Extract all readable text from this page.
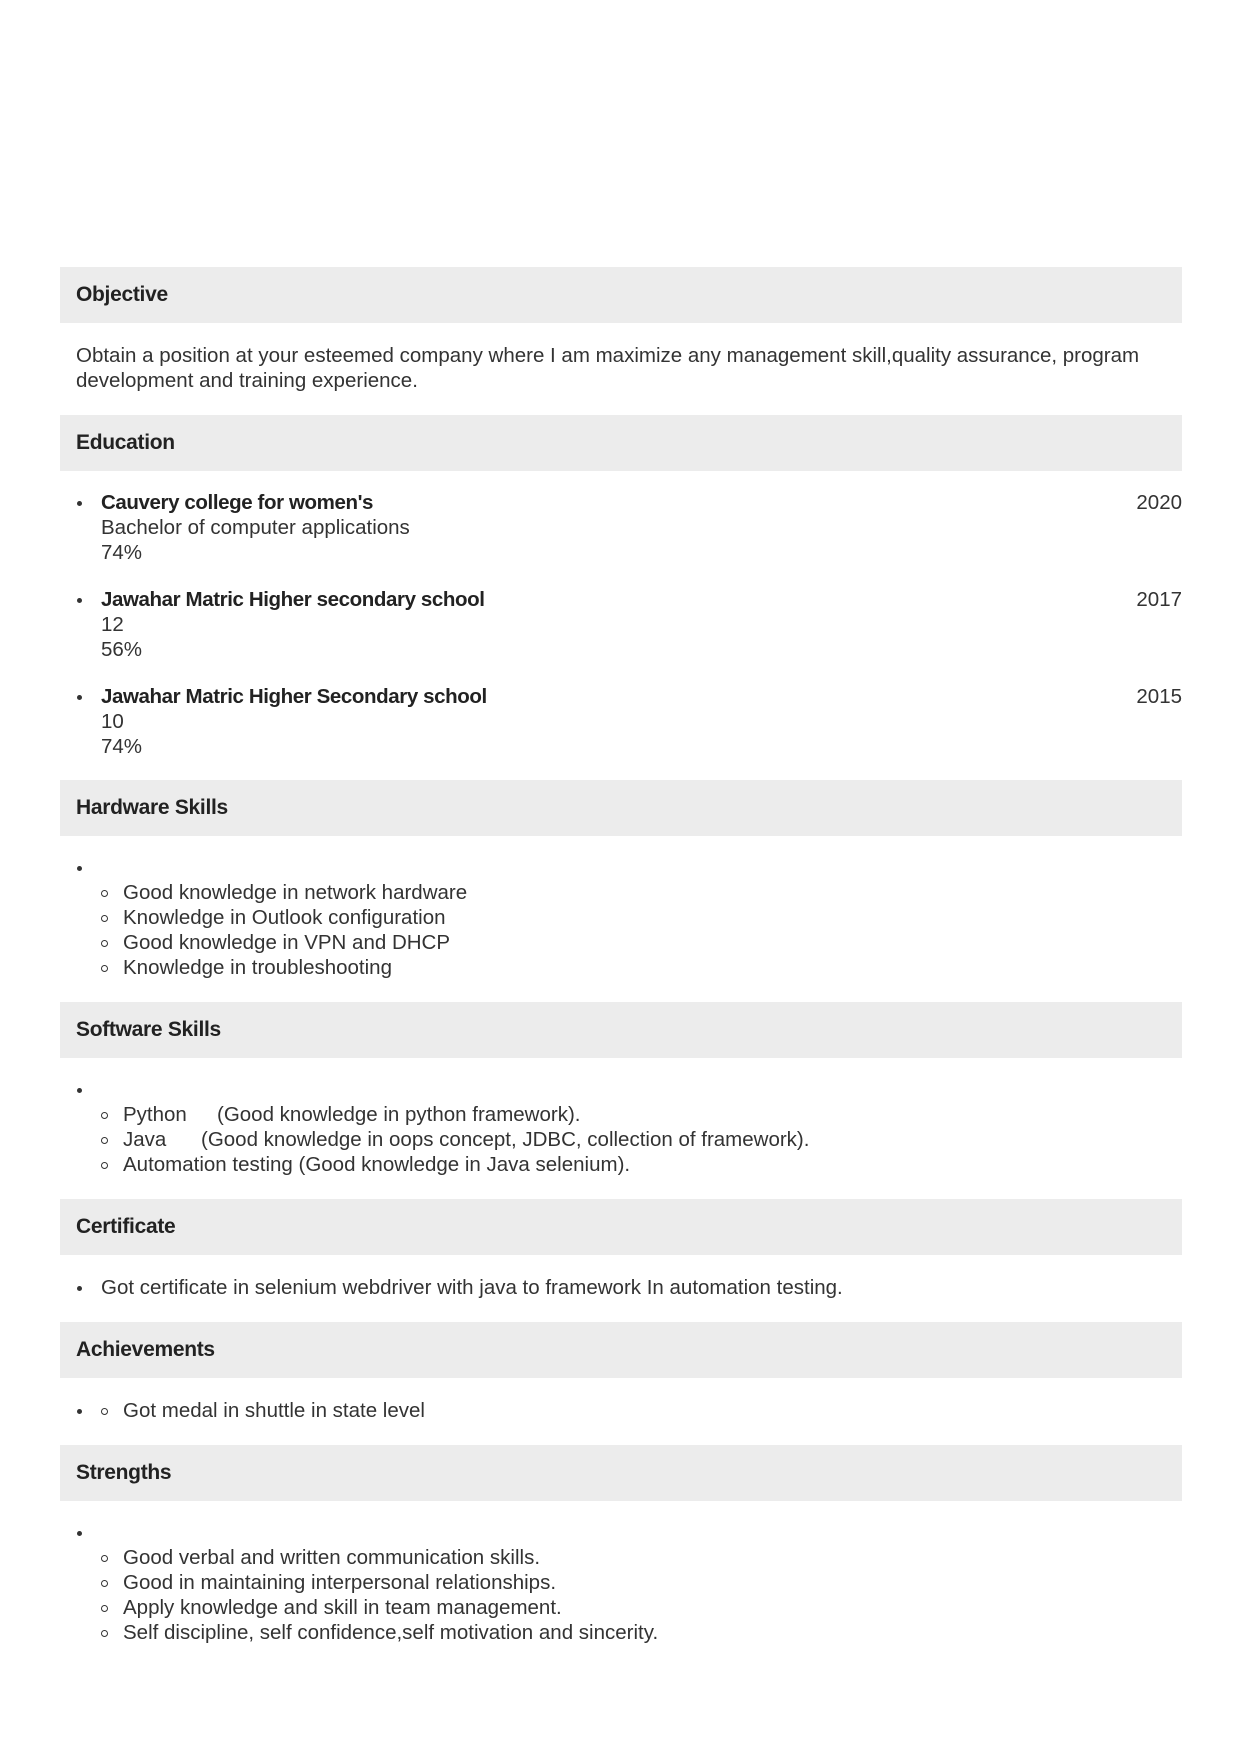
Objective
Obtain a position at your esteemed company where I am maximize any management skill,quality assurance, program development and training experience.
Education
Cauvery college for women's	2020
Bachelor of computer applications
74%
Jawahar Matric Higher secondary school	2017
12
56%
Jawahar Matric Higher Secondary school	2015
10
74%
Hardware Skills
Good knowledge in network hardware
Knowledge in Outlook configuration
Good knowledge in VPN and DHCP
Knowledge in troubleshooting
Software Skills
Python (Good knowledge in python framework).
Java (Good knowledge in oops concept, JDBC, collection of framework).
Automation testing (Good knowledge in Java selenium).
Certificate
Got certificate in selenium webdriver with java to framework In automation testing.
Achievements
Got medal in shuttle in state level
Strengths
Good verbal and written communication skills.
Good in maintaining interpersonal relationships.
Apply knowledge and skill in team management.
Self discipline, self confidence,self motivation and sincerity.
